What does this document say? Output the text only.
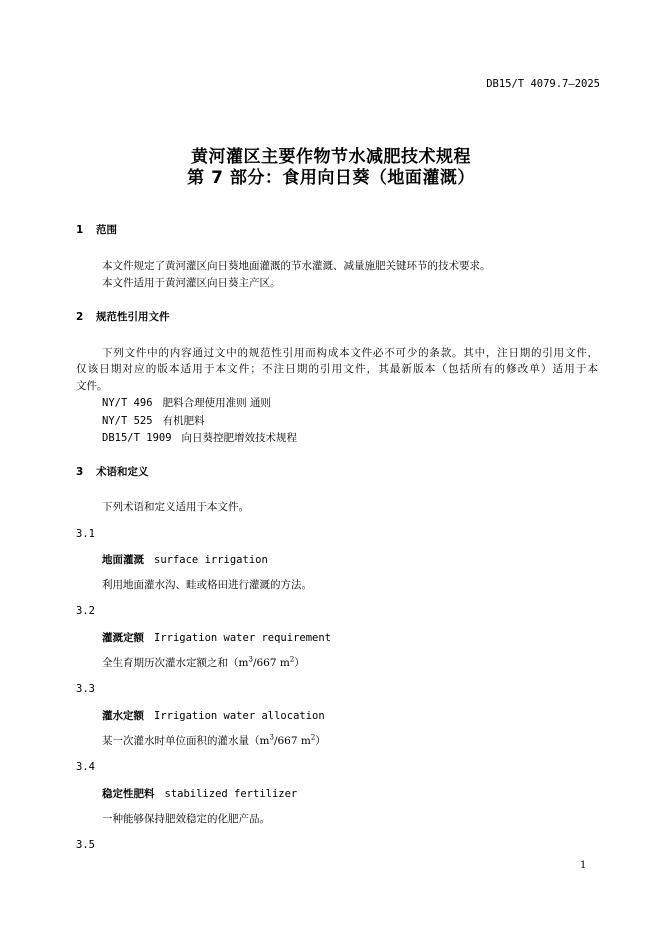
DB15/T 4079.7—2025
黄河灌区主要作物节水减肥技术规程
第 7 部分：食用向日葵（地面灌溉）
1 范围
本文件规定了黄河灌区向日葵地面灌溉的节水灌溉、减量施肥关键环节的技术要求。
本文件适用于黄河灌区向日葵主产区。
2 规范性引用文件
下列文件中的内容通过文中的规范性引用而构成本文件必不可少的条款。其中，注日期的引用文件，
仅该日期对应的版本适用于本文件；不注日期的引用文件，其最新版本（包括所有的修改单）适用于本
文件。
NY/T 496 肥料合理使用准则 通则
NY/T 525 有机肥料
DB15/T 1909 向日葵控肥增效技术规程
3 术语和定义
下列术语和定义适用于本文件。
3.1
地面灌溉 surface irrigation
利用地面灌水沟、畦或格田进行灌溉的方法。
3.2
灌溉定额 Irrigation water requirement
全生育期历次灌水定额之和（$m^3/667$ $m^2$）
3.3
灌水定额 Irrigation water allocation
某一次灌水时单位面积的灌水量（$m^3/667$ $m^2$）
3.4
稳定性肥料 stabilized fertilizer
一种能够保持肥效稳定的化肥产品。
3.5
1
